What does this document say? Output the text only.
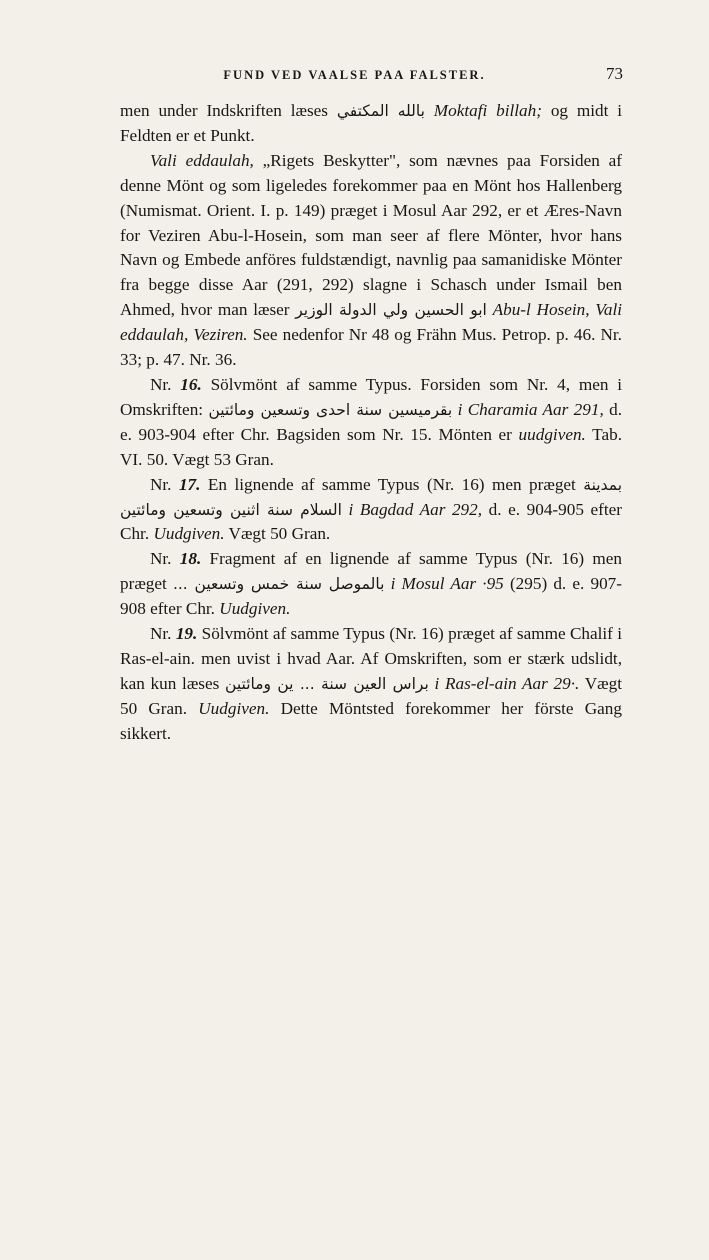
FUND VED VAALSE PAA FALSTER.	73

men under Indskriften læses	بالله المكتفي	Moktafi billah; og midt i Feldten er et Punkt.

Vali eddaulah, „Rigets Beskytter", som nævnes paa Forsiden af denne Mönt og som ligeledes forekommer paa en Mönt hos Hallenberg (Numismat. Orient. I. p. 149) præget i Mosul Aar 292, er et Æres-Navn for Veziren Abu-l-Hosein, som man seer af flere Mönter, hvor hans Navn og Embede anföres fuldstændigt, navnlig paa samanidiske Mönter fra begge disse Aar (291, 292) slagne i Schasch under Ismail ben Ahmed, hvor man læser ابو الحسين ولي الدولة الوزير Abu-l Hosein, Vali eddaulah, Veziren. See nedenfor Nr 48 og Frähn Mus. Petrop. p. 46. Nr. 33; p. 47. Nr. 36.

Nr. 16. Sölvmönt af samme Typus. Forsiden som Nr. 4, men i Omskriften: بقرميسين سنة احدى وتسعين ومائتين i Charamia Aar 291, d. e. 903-904 efter Chr. Bagsiden som Nr. 15. Mönten er uudgiven. Tab. VI. 50. Vægt 53 Gran.

Nr. 17. En lignende af samme Typus (Nr. 16) men præget بمدينة السلام سنة اثنين وتسعين ومائتين i Bagdad Aar 292, d. e. 904-905 efter Chr. Uudgiven. Vægt 50 Gran.

Nr. 18. Fragment af en lignende af samme Typus (Nr. 16) men præget بالموصل سنة خمس وتسعين ... i Mosul Aar ·95 (295) d. e. 907-908 efter Chr. Uudgiven.

Nr. 19. Sölvmönt af samme Typus (Nr. 16) præget af samme Chalif i Ras-el-ain. men uvist i hvad Aar. Af Omskriften, som er stærk udslidt, kan kun læses براس العين سنة ... ين ومائتين i Ras-el-ain Aar 29·. Vægt 50 Gran. Uudgiven. Dette Möntsted forekommer her förste Gang sikkert.
